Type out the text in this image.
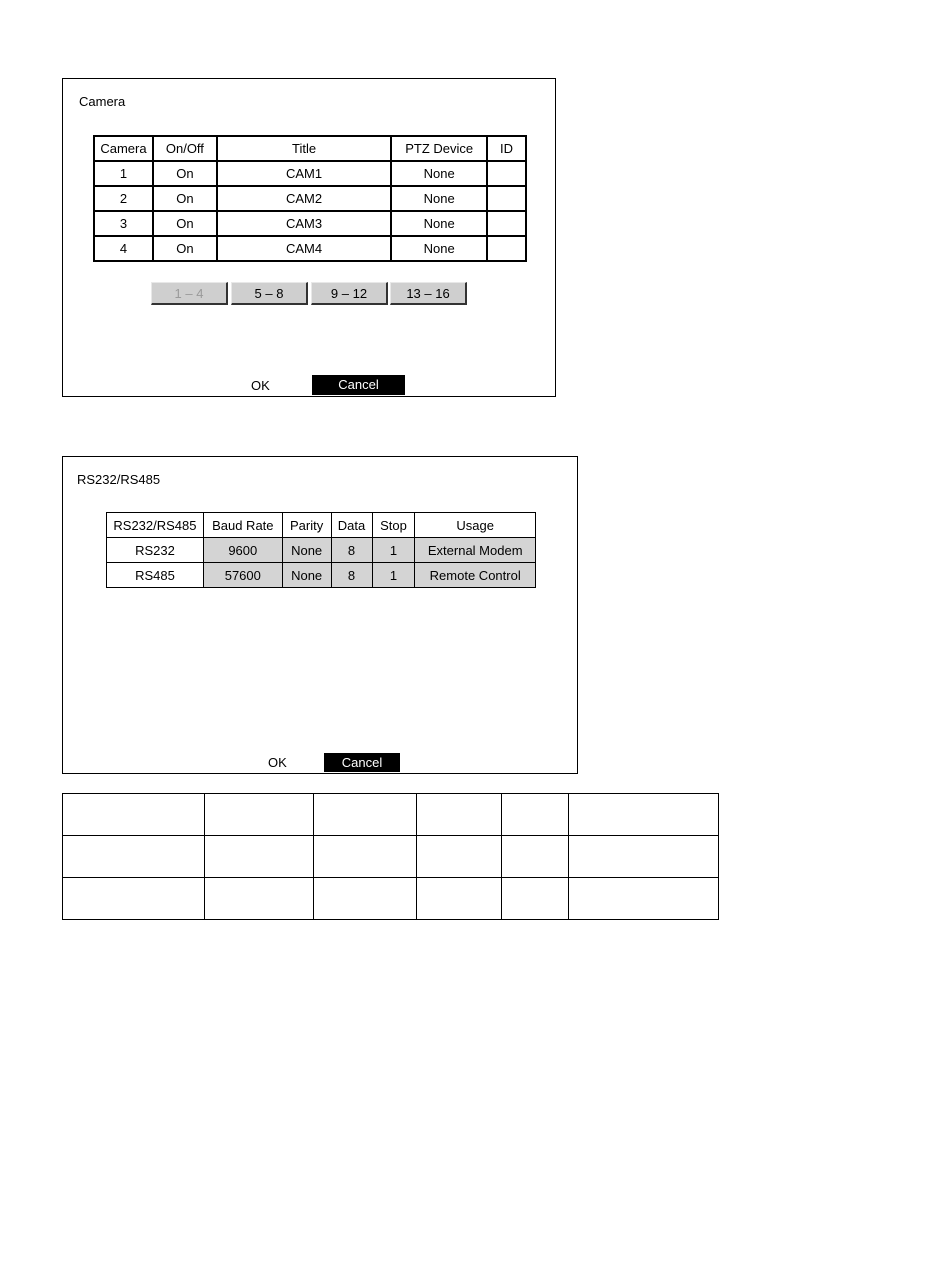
Camera
Camera	On/Off	Title	PTZ Device	ID
1	On	CAM1	None	
2	On	CAM2	None	
3	On	CAM3	None	
4	On	CAM4	None	
1 – 4	5 – 8	9 – 12	13 – 16
OK	Cancel
RS232/RS485
RS232/RS485	Baud Rate	Parity	Data	Stop	Usage
RS232	9600	None	8	1	External Modem
RS485	57600	None	8	1	Remote Control
OK	Cancel
